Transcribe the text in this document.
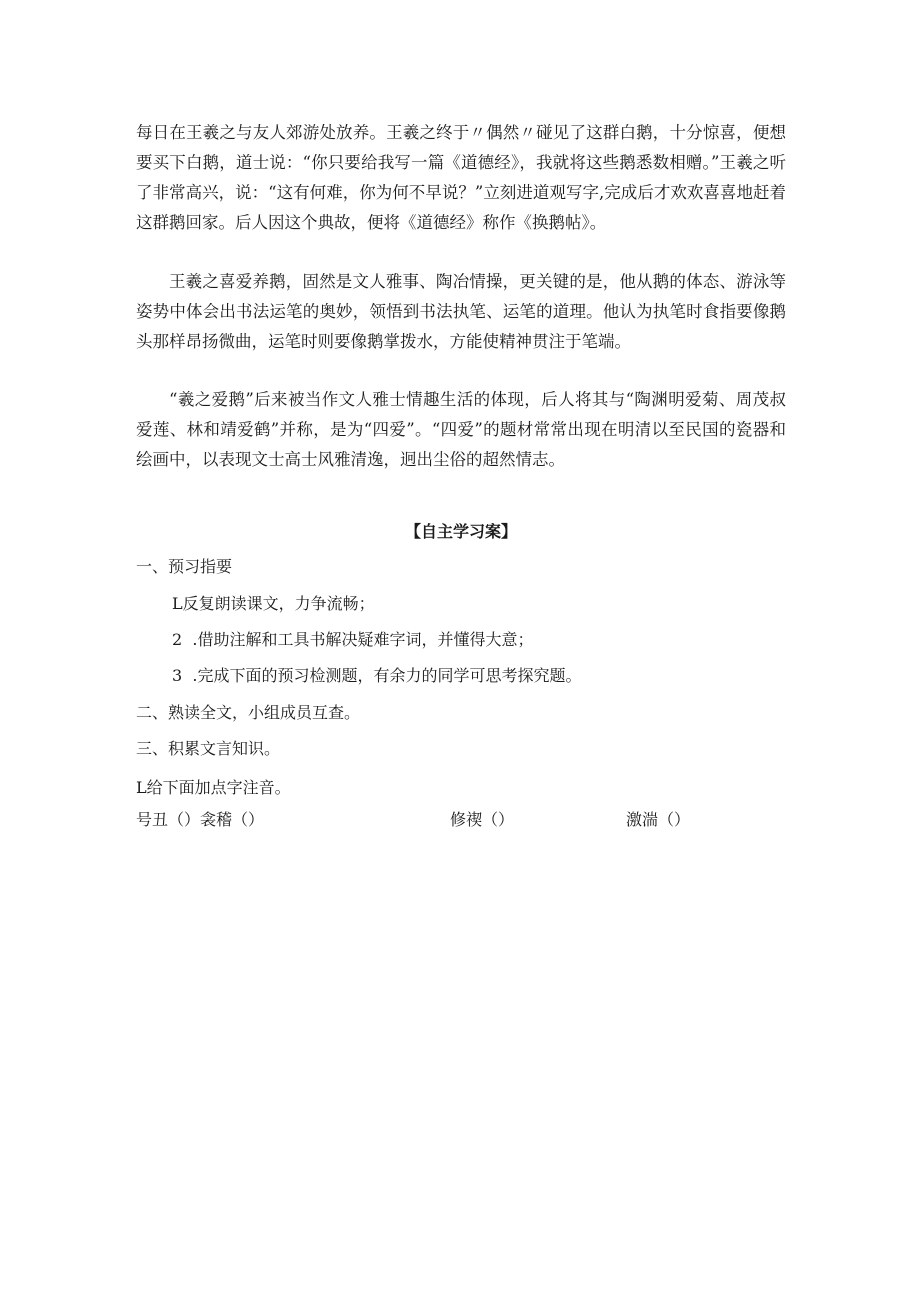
每日在王羲之与友人郊游处放养。王羲之终于〃偶然〃碰见了这群白鹅，十分惊喜，便想要买下白鹅，道士说：“你只要给我写一篇《道德经》，我就将这些鹅悉数相赠。”王羲之听了非常高兴，说：“这有何难，你为何不早说？”立刻进道观写字,完成后才欢欢喜喜地赶着这群鹅回家。后人因这个典故，便将《道德经》称作《换鹅帖》。

王羲之喜爱养鹅，固然是文人雅事、陶冶情操，更关键的是，他从鹅的体态、游泳等姿势中体会出书法运笔的奥妙，领悟到书法执笔、运笔的道理。他认为执笔时食指要像鹅头那样昂扬微曲，运笔时则要像鹅掌拨水，方能使精神贯注于笔端。

“羲之爱鹅”后来被当作文人雅士情趣生活的体现，后人将其与“陶渊明爱菊、周茂叔爱莲、林和靖爱鹤”并称，是为“四爱”。“四爱”的题材常常出现在明清以至民国的瓷器和绘画中，以表现文士高士风雅清逸，迥出尘俗的超然情志。

【自主学习案】
一、预习指要
L反复朗读课文，力争流畅；
2  .借助注解和工具书解决疑难字词，并懂得大意；
3  .完成下面的预习检测题，有余力的同学可思考探究题。
二、熟读全文，小组成员互查。
三、积累文言知识。
L给下面加点字注音。
号丑（）衾稽（）	修禊（）	激湍（）
